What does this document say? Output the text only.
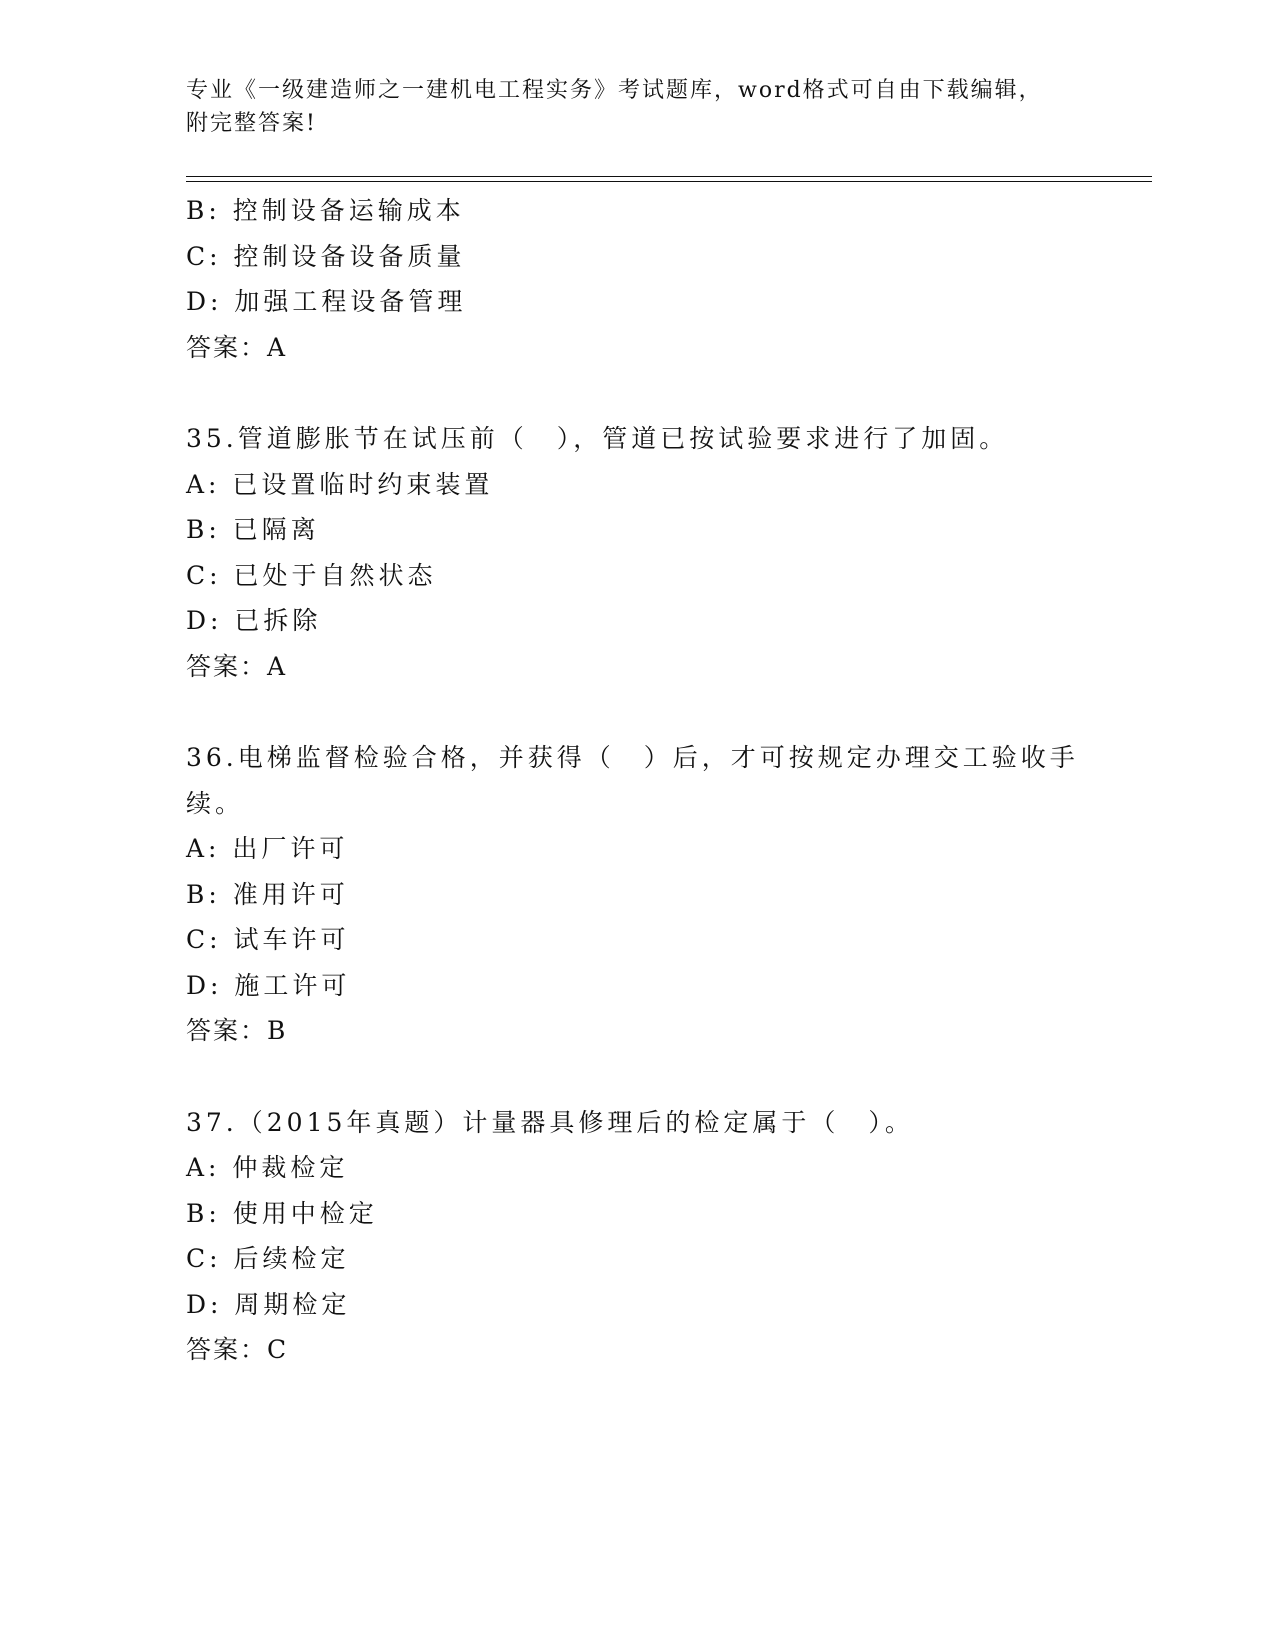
专业《一级建造师之一建机电工程实务》考试题库，word格式可自由下载编辑，
附完整答案!

B: 控制设备运输成本

C: 控制设备设备质量

D: 加强工程设备管理

答案：A

35.管道膨胀节在试压前（　），管道已按试验要求进行了加固。

A: 已设置临时约束装置

B: 已隔离

C: 已处于自然状态

D: 已拆除

答案：A

36.电梯监督检验合格，并获得（　）后，才可按规定办理交工验收手

续。

A: 出厂许可

B: 准用许可

C: 试车许可

D: 施工许可

答案：B

37.（2015年真题）计量器具修理后的检定属于（　）。

A: 仲裁检定

B: 使用中检定

C: 后续检定

D: 周期检定

答案：C
